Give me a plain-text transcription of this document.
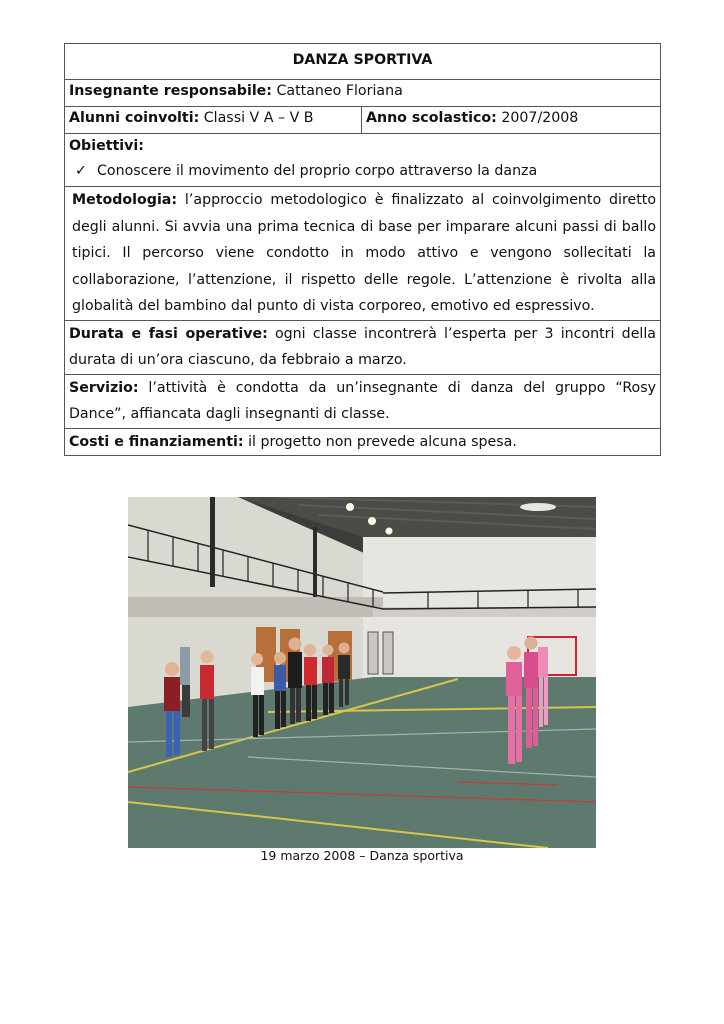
DANZA SPORTIVA
Insegnante responsabile: Cattaneo Floriana
Alunni coinvolti: Classi V A – V B	Anno scolastico: 2007/2008

Obiettivi:
✓ Conoscere il movimento del proprio corpo attraverso la danza

Metodologia: l’approccio metodologico è finalizzato al coinvolgimento diretto degli alunni. Si avvia una prima tecnica di base per imparare alcuni passi di ballo tipici. Il percorso viene condotto in modo attivo e vengono sollecitati la collaborazione, l’attenzione, il rispetto delle regole. L’attenzione è rivolta alla globalità del bambino dal punto di vista corporeo, emotivo ed espressivo.
Durata e fasi operative: ogni classe incontrerà l’esperta per 3 incontri della durata di un’ora ciascuno, da febbraio a marzo.
Servizio: l’attività è condotta da un’insegnante di danza del gruppo “Rosy Dance”, affiancata dagli insegnanti di classe.
Costi e finanziamenti: il progetto non prevede alcuna spesa.
19 marzo 2008 – Danza sportiva
